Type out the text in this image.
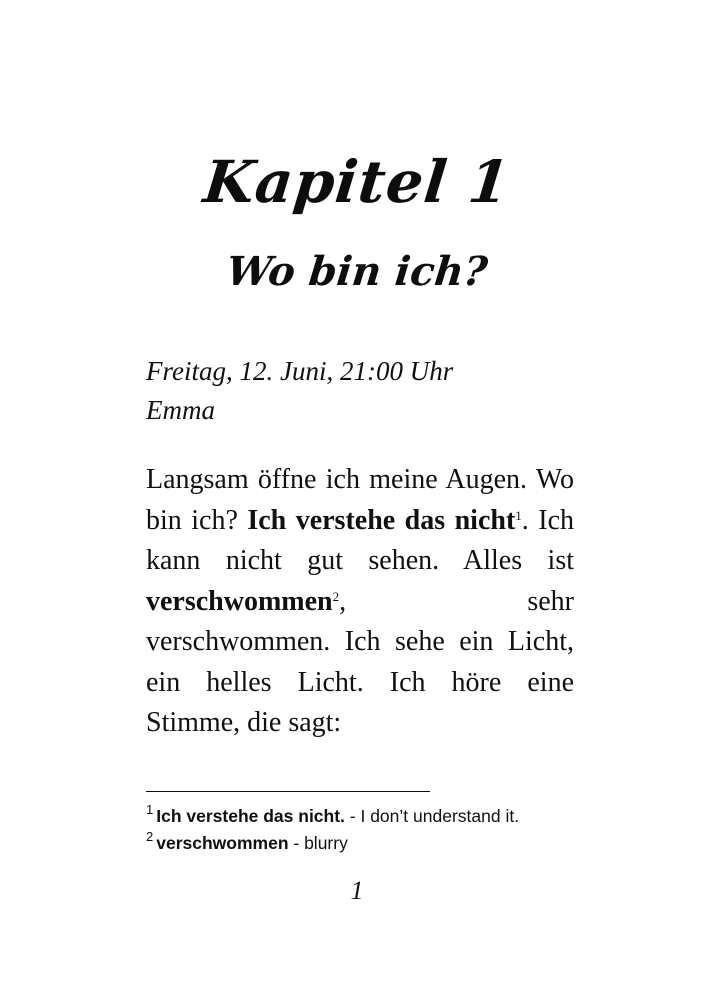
Kapitel 1
Wo bin ich?
Freitag, 12. Juni, 21:00 Uhr
Emma
Langsam öffne ich meine Augen. Wo bin ich? Ich verstehe das nicht$^1$. Ich kann nicht gut sehen. Alles ist verschwommen$^2$, sehr verschwommen. Ich sehe ein Licht, ein helles Licht. Ich höre eine Stimme, die sagt:
$^1$ Ich verstehe das nicht. - I don’t understand it.
$^2$ verschwommen - blurry
1
